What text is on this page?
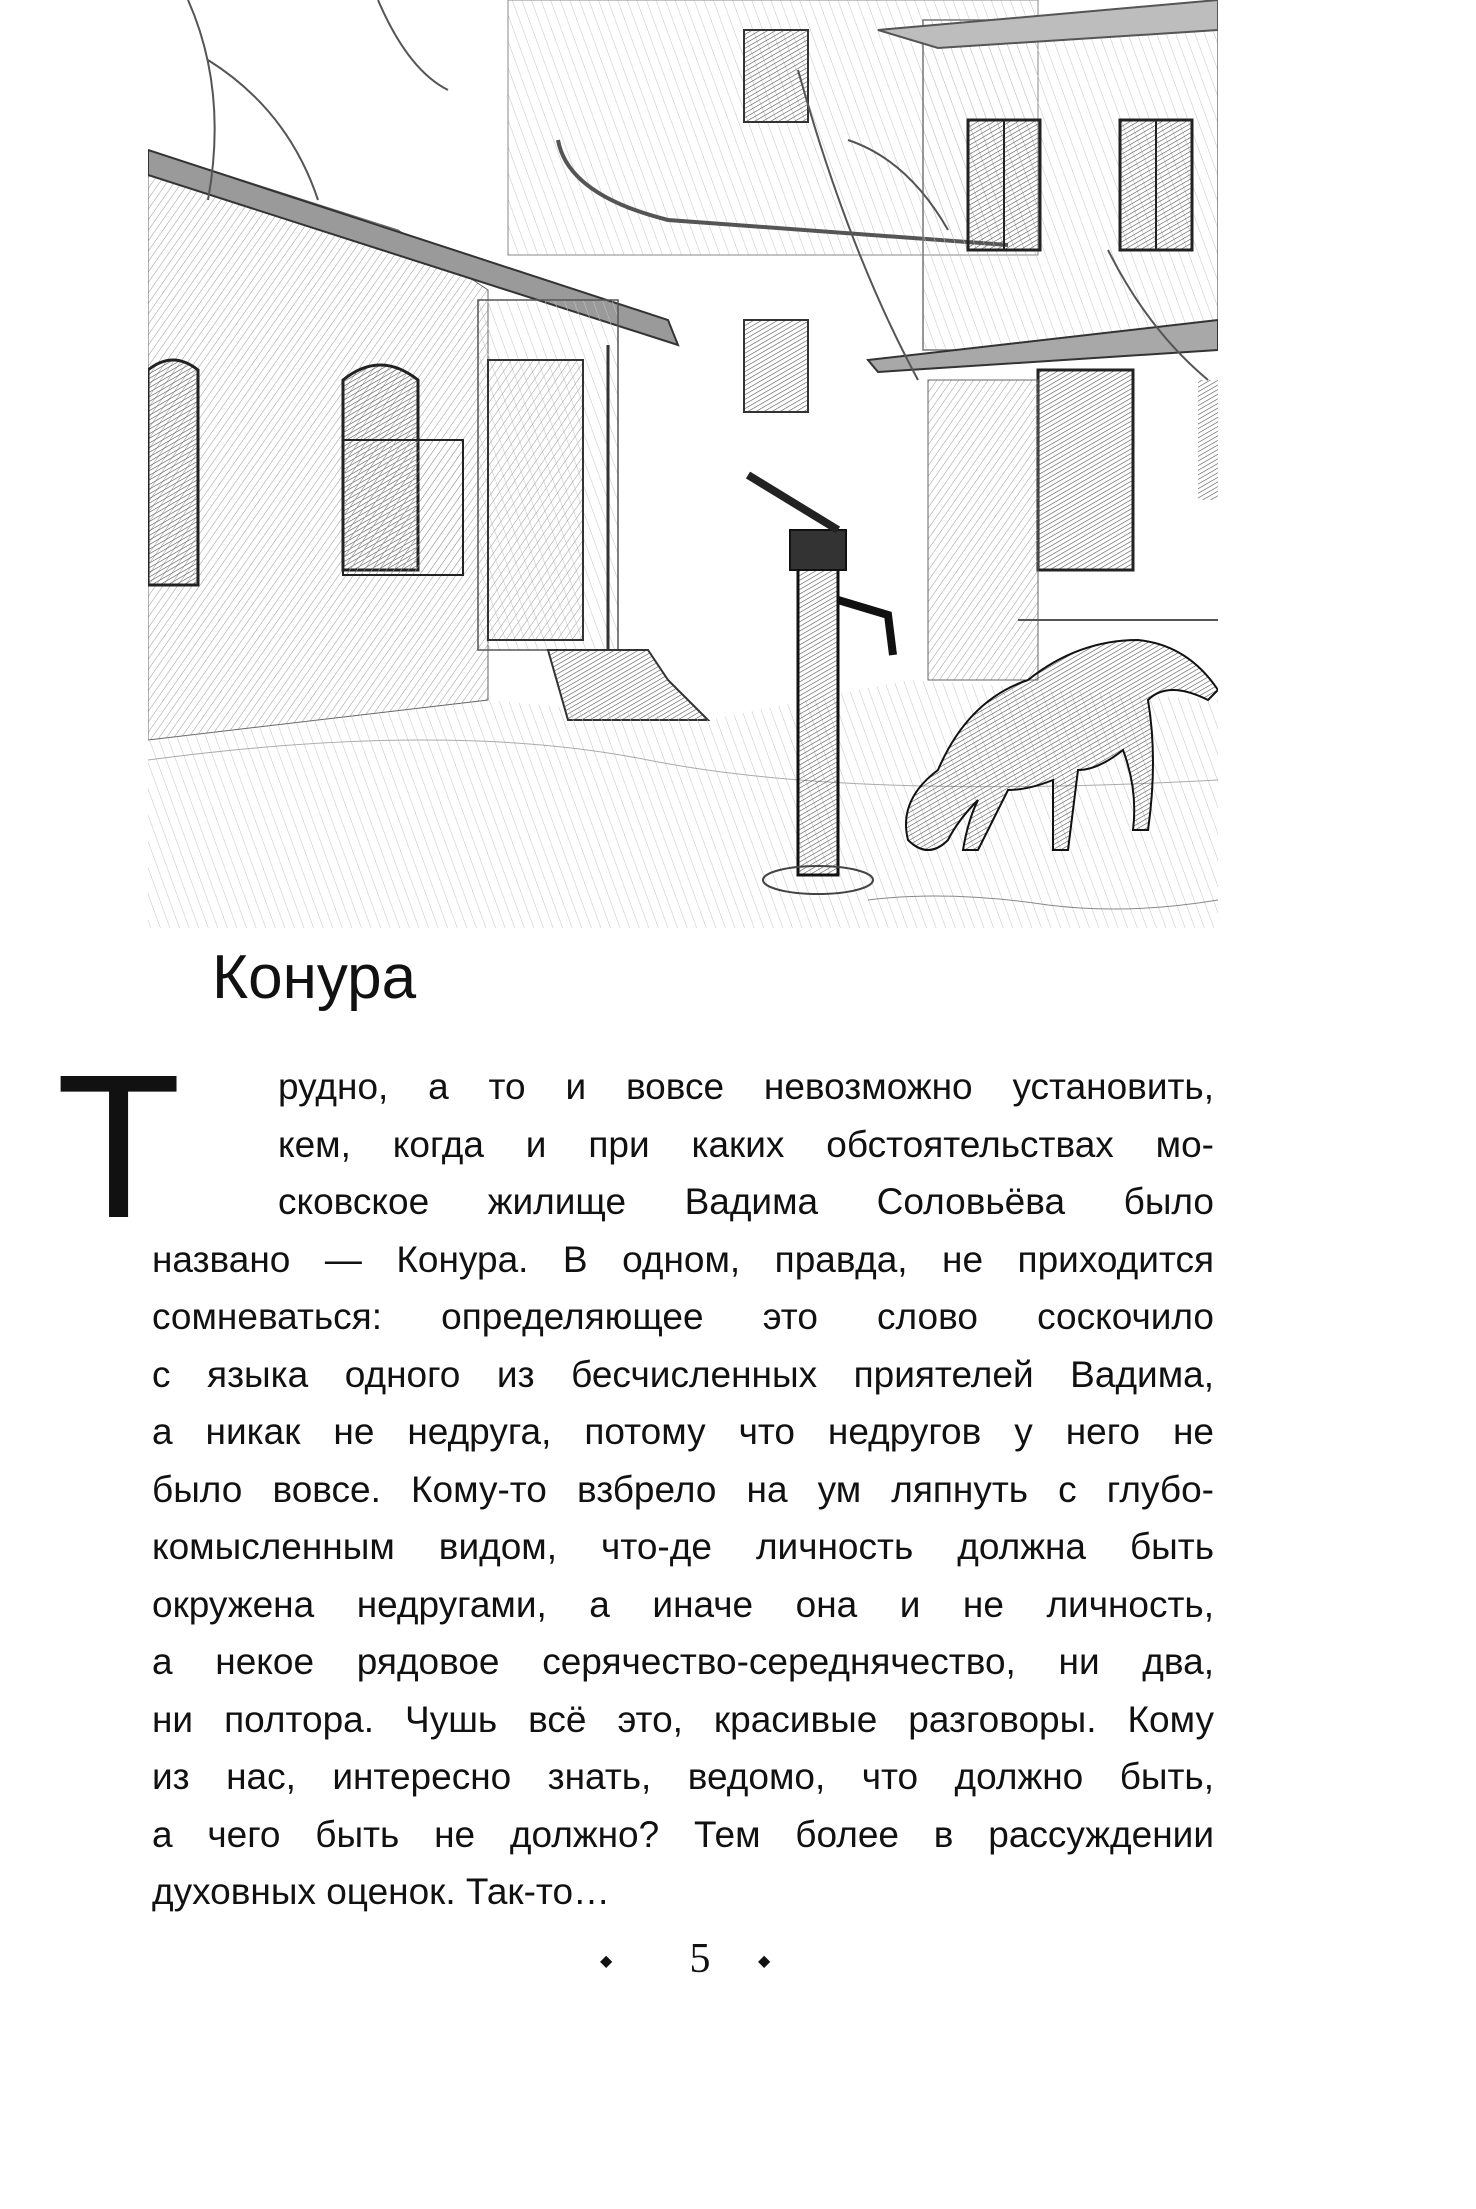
Конура
Т	рудно, а то и вовсе невозможно установить,
кем, когда и при каких обстоятельствах мо-
сковское жилище Вадима Соловьёва было
названо — Конура. В одном, правда, не приходится
сомневаться: определяющее это слово соскочило
с языка одного из бесчисленных приятелей Вадима,
а никак не недруга, потому что недругов у него не
было вовсе. Кому-то взбрело на ум ляпнуть с глубо-
комысленным видом, что-де личность должна быть
окружена недругами, а иначе она и не личность,
а некое рядовое серячество-середнячество, ни два,
ни полтора. Чушь всё это, красивые разговоры. Кому
из нас, интересно знать, ведомо, что должно быть,
а чего быть не должно? Тем более в рассуждении
духовных оценок. Так-то…
◆	5	◆
